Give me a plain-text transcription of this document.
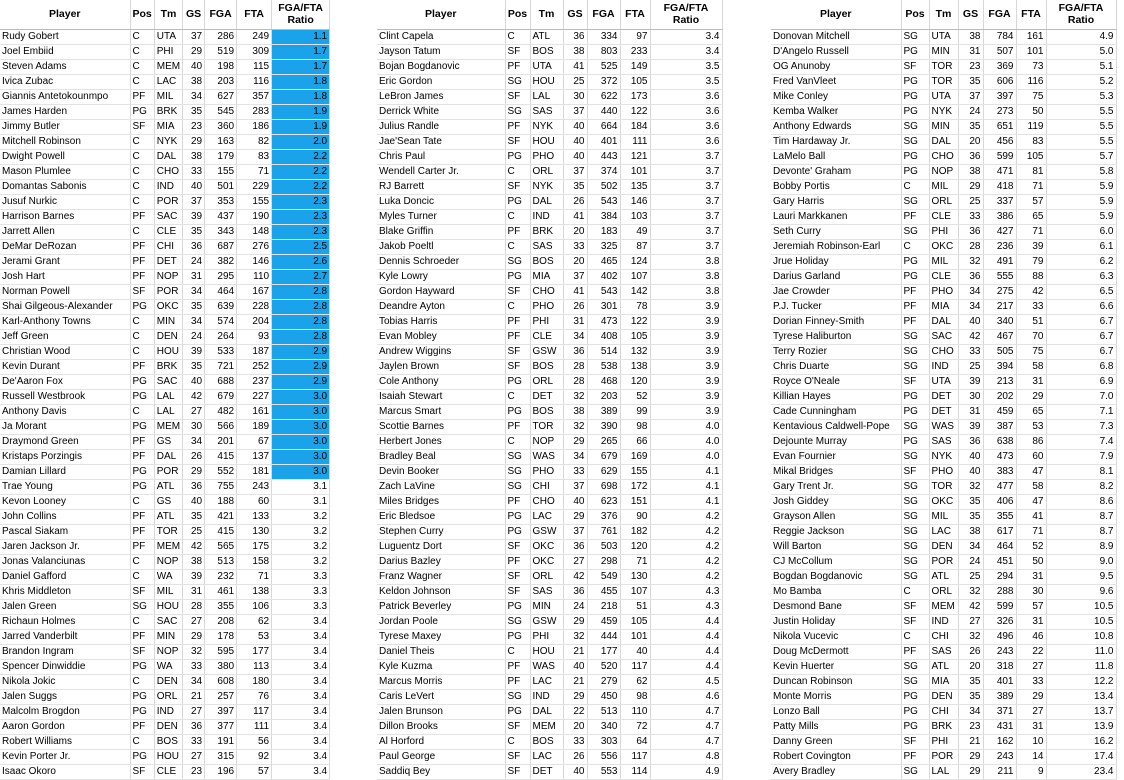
Player	Pos	Tm	GS	FGA	FTA	FGA/FTA Ratio
Rudy Gobert	C	UTA	37	286	249	1.1
Joel Embiid	C	PHI	29	519	309	1.7
Steven Adams	C	MEM	40	198	115	1.7
Ivica Zubac	C	LAC	38	203	116	1.8
Giannis Antetokounmpo	PF	MIL	34	627	357	1.8
James Harden	PG	BRK	35	545	283	1.9
Jimmy Butler	SF	MIA	23	360	186	1.9
Mitchell Robinson	C	NYK	29	163	82	2.0
Dwight Powell	C	DAL	38	179	83	2.2
Mason Plumlee	C	CHO	33	155	71	2.2
Domantas Sabonis	C	IND	40	501	229	2.2
Jusuf Nurkic	C	POR	37	353	155	2.3
Harrison Barnes	PF	SAC	39	437	190	2.3
Jarrett Allen	C	CLE	35	343	148	2.3
DeMar DeRozan	PF	CHI	36	687	276	2.5
Jerami Grant	PF	DET	24	382	146	2.6
Josh Hart	PF	NOP	31	295	110	2.7
Norman Powell	SF	POR	34	464	167	2.8
Shai Gilgeous-Alexander	PG	OKC	35	639	228	2.8
Karl-Anthony Towns	C	MIN	34	574	204	2.8
Jeff Green	C	DEN	24	264	93	2.8
Christian Wood	C	HOU	39	533	187	2.9
Kevin Durant	PF	BRK	35	721	252	2.9
De'Aaron Fox	PG	SAC	40	688	237	2.9
Russell Westbrook	PG	LAL	42	679	227	3.0
Anthony Davis	C	LAL	27	482	161	3.0
Ja Morant	PG	MEM	30	566	189	3.0
Draymond Green	PF	GS	34	201	67	3.0
Kristaps Porzingis	PF	DAL	26	415	137	3.0
Damian Lillard	PG	POR	29	552	181	3.0
Trae Young	PG	ATL	36	755	243	3.1
Kevon Looney	C	GS	40	188	60	3.1
John Collins	PF	ATL	35	421	133	3.2
Pascal Siakam	PF	TOR	25	415	130	3.2
Jaren Jackson Jr.	PF	MEM	42	565	175	3.2
Jonas Valanciunas	C	NOP	38	513	158	3.2
Daniel Gafford	C	WA	39	232	71	3.3
Khris Middleton	SF	MIL	31	461	138	3.3
Jalen Green	SG	HOU	28	355	106	3.3
Richaun Holmes	C	SAC	27	208	62	3.4
Jarred Vanderbilt	PF	MIN	29	178	53	3.4
Brandon Ingram	SF	NOP	32	595	177	3.4
Spencer Dinwiddie	PG	WA	33	380	113	3.4
Nikola Jokic	C	DEN	34	608	180	3.4
Jalen Suggs	PG	ORL	21	257	76	3.4
Malcolm Brogdon	PG	IND	27	397	117	3.4
Aaron Gordon	PF	DEN	36	377	111	3.4
Robert Williams	C	BOS	33	191	56	3.4
Kevin Porter Jr.	PG	HOU	27	315	92	3.4
Isaac Okoro	SF	CLE	23	196	57	3.4
Player	Pos	Tm	GS	FGA	FTA	FGA/FTA Ratio
Clint Capela	C	ATL	36	334	97	3.4
Jayson Tatum	SF	BOS	38	803	233	3.4
Bojan Bogdanovic	PF	UTA	41	525	149	3.5
Eric Gordon	SG	HOU	25	372	105	3.5
LeBron James	SF	LAL	30	622	173	3.6
Derrick White	SG	SAS	37	440	122	3.6
Julius Randle	PF	NYK	40	664	184	3.6
Jae'Sean Tate	SF	HOU	40	401	111	3.6
Chris Paul	PG	PHO	40	443	121	3.7
Wendell Carter Jr.	C	ORL	37	374	101	3.7
RJ Barrett	SF	NYK	35	502	135	3.7
Luka Doncic	PG	DAL	26	543	146	3.7
Myles Turner	C	IND	41	384	103	3.7
Blake Griffin	PF	BRK	20	183	49	3.7
Jakob Poeltl	C	SAS	33	325	87	3.7
Dennis Schroeder	SG	BOS	20	465	124	3.8
Kyle Lowry	PG	MIA	37	402	107	3.8
Gordon Hayward	SF	CHO	41	543	142	3.8
Deandre Ayton	C	PHO	26	301	78	3.9
Tobias Harris	PF	PHI	31	473	122	3.9
Evan Mobley	PF	CLE	34	408	105	3.9
Andrew Wiggins	SF	GSW	36	514	132	3.9
Jaylen Brown	SF	BOS	28	538	138	3.9
Cole Anthony	PG	ORL	28	468	120	3.9
Isaiah Stewart	C	DET	32	203	52	3.9
Marcus Smart	PG	BOS	38	389	99	3.9
Scottie Barnes	PF	TOR	32	390	98	4.0
Herbert Jones	C	NOP	29	265	66	4.0
Bradley Beal	SG	WAS	34	679	169	4.0
Devin Booker	SG	PHO	33	629	155	4.1
Zach LaVine	SG	CHI	37	698	172	4.1
Miles Bridges	PF	CHO	40	623	151	4.1
Eric Bledsoe	PG	LAC	29	376	90	4.2
Stephen Curry	PG	GSW	37	761	182	4.2
Luguentz Dort	SF	OKC	36	503	120	4.2
Darius Bazley	PF	OKC	27	298	71	4.2
Franz Wagner	SF	ORL	42	549	130	4.2
Keldon Johnson	SF	SAS	36	455	107	4.3
Patrick Beverley	PG	MIN	24	218	51	4.3
Jordan Poole	SG	GSW	29	459	105	4.4
Tyrese Maxey	PG	PHI	32	444	101	4.4
Daniel Theis	C	HOU	21	177	40	4.4
Kyle Kuzma	PF	WAS	40	520	117	4.4
Marcus Morris	PF	LAC	21	279	62	4.5
Caris LeVert	SG	IND	29	450	98	4.6
Jalen Brunson	PG	DAL	22	513	110	4.7
Dillon Brooks	SF	MEM	20	340	72	4.7
Al Horford	C	BOS	33	303	64	4.7
Paul George	SF	LAC	26	556	117	4.8
Saddiq Bey	SF	DET	40	553	114	4.9
Player	Pos	Tm	GS	FGA	FTA	FGA/FTA Ratio
Donovan Mitchell	SG	UTA	38	784	161	4.9
D'Angelo Russell	PG	MIN	31	507	101	5.0
OG Anunoby	SF	TOR	23	369	73	5.1
Fred VanVleet	PG	TOR	35	606	116	5.2
Mike Conley	PG	UTA	37	397	75	5.3
Kemba Walker	PG	NYK	24	273	50	5.5
Anthony Edwards	SG	MIN	35	651	119	5.5
Tim Hardaway Jr.	SG	DAL	20	456	83	5.5
LaMelo Ball	PG	CHO	36	599	105	5.7
Devonte' Graham	PG	NOP	38	471	81	5.8
Bobby Portis	C	MIL	29	418	71	5.9
Gary Harris	SG	ORL	25	337	57	5.9
Lauri Markkanen	PF	CLE	33	386	65	5.9
Seth Curry	SG	PHI	36	427	71	6.0
Jeremiah Robinson-Earl	C	OKC	28	236	39	6.1
Jrue Holiday	PG	MIL	32	491	79	6.2
Darius Garland	PG	CLE	36	555	88	6.3
Jae Crowder	PF	PHO	34	275	42	6.5
P.J. Tucker	PF	MIA	34	217	33	6.6
Dorian Finney-Smith	PF	DAL	40	340	51	6.7
Tyrese Haliburton	SG	SAC	42	467	70	6.7
Terry Rozier	SG	CHO	33	505	75	6.7
Chris Duarte	SG	IND	25	394	58	6.8
Royce O'Neale	SF	UTA	39	213	31	6.9
Killian Hayes	PG	DET	30	202	29	7.0
Cade Cunningham	PG	DET	31	459	65	7.1
Kentavious Caldwell-Pope	SG	WAS	39	387	53	7.3
Dejounte Murray	PG	SAS	36	638	86	7.4
Evan Fournier	SG	NYK	40	473	60	7.9
Mikal Bridges	SF	PHO	40	383	47	8.1
Gary Trent Jr.	SG	TOR	32	477	58	8.2
Josh Giddey	SG	OKC	35	406	47	8.6
Grayson Allen	SG	MIL	35	355	41	8.7
Reggie Jackson	SG	LAC	38	617	71	8.7
Will Barton	SG	DEN	34	464	52	8.9
CJ McCollum	SG	POR	24	451	50	9.0
Bogdan Bogdanovic	SG	ATL	25	294	31	9.5
Mo Bamba	C	ORL	32	288	30	9.6
Desmond Bane	SF	MEM	42	599	57	10.5
Justin Holiday	SF	IND	27	326	31	10.5
Nikola Vucevic	C	CHI	32	496	46	10.8
Doug McDermott	PF	SAS	26	243	22	11.0
Kevin Huerter	SG	ATL	20	318	27	11.8
Duncan Robinson	SG	MIA	35	401	33	12.2
Monte Morris	PG	DEN	35	389	29	13.4
Lonzo Ball	PG	CHI	34	371	27	13.7
Patty Mills	PG	BRK	23	431	31	13.9
Danny Green	SF	PHI	21	162	10	16.2
Robert Covington	PF	POR	29	243	14	17.4
Avery Bradley	SG	LAL	29	211	9	23.4
